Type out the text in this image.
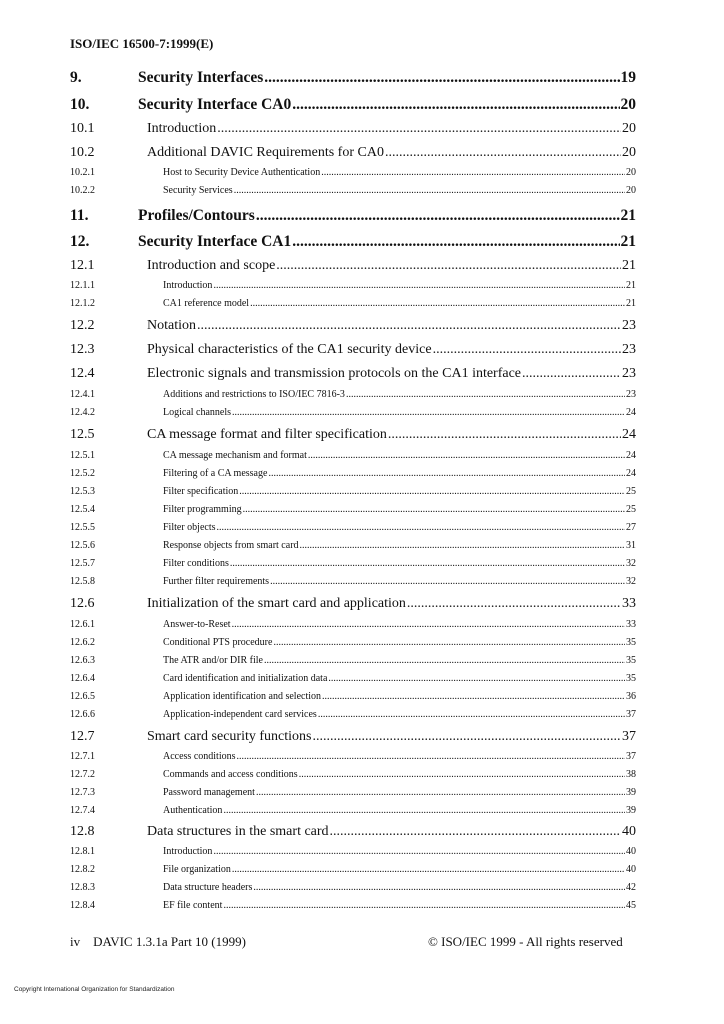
ISO/IEC 16500-7:1999(E)
9.	Security Interfaces .....	19
10.	Security Interface CA0 .....	20
10.1	Introduction .....	20
10.2	Additional DAVIC Requirements for CA0 .....	20
10.2.1	Host to Security Device Authentication .....	20
10.2.2	Security Services .....	20
11.	Profiles/Contours .....	21
12.	Security Interface CA1 .....	21
12.1	Introduction and scope .....	21
12.1.1	Introduction .....	21
12.1.2	CA1 reference model .....	21
12.2	Notation .....	23
12.3	Physical characteristics of the CA1 security device .....	23
12.4	Electronic signals and transmission protocols on the CA1 interface .....	23
12.4.1	Additions and restrictions to ISO/IEC 7816-3 .....	23
12.4.2	Logical channels .....	24
12.5	CA message format and filter specification .....	24
12.5.1	CA message mechanism and format .....	24
12.5.2	Filtering of a CA message .....	24
12.5.3	Filter specification .....	25
12.5.4	Filter programming .....	25
12.5.5	Filter objects .....	27
12.5.6	Response objects from smart card .....	31
12.5.7	Filter conditions .....	32
12.5.8	Further filter requirements .....	32
12.6	Initialization of the smart card and application .....	33
12.6.1	Answer-to-Reset .....	33
12.6.2	Conditional PTS procedure .....	35
12.6.3	The ATR and/or DIR file .....	35
12.6.4	Card identification and initialization data .....	35
12.6.5	Application identification and selection .....	36
12.6.6	Application-independent card services .....	37
12.7	Smart card security functions .....	37
12.7.1	Access conditions .....	37
12.7.2	Commands and access conditions .....	38
12.7.3	Password management .....	39
12.7.4	Authentication .....	39
12.8	Data structures in the smart card .....	40
12.8.1	Introduction .....	40
12.8.2	File organization .....	40
12.8.3	Data structure headers .....	42
12.8.4	EF file content .....	45
iv    DAVIC 1.3.1a Part 10 (1999)	© ISO/IEC 1999 - All rights reserved
Copyright International Organization for Standardization
